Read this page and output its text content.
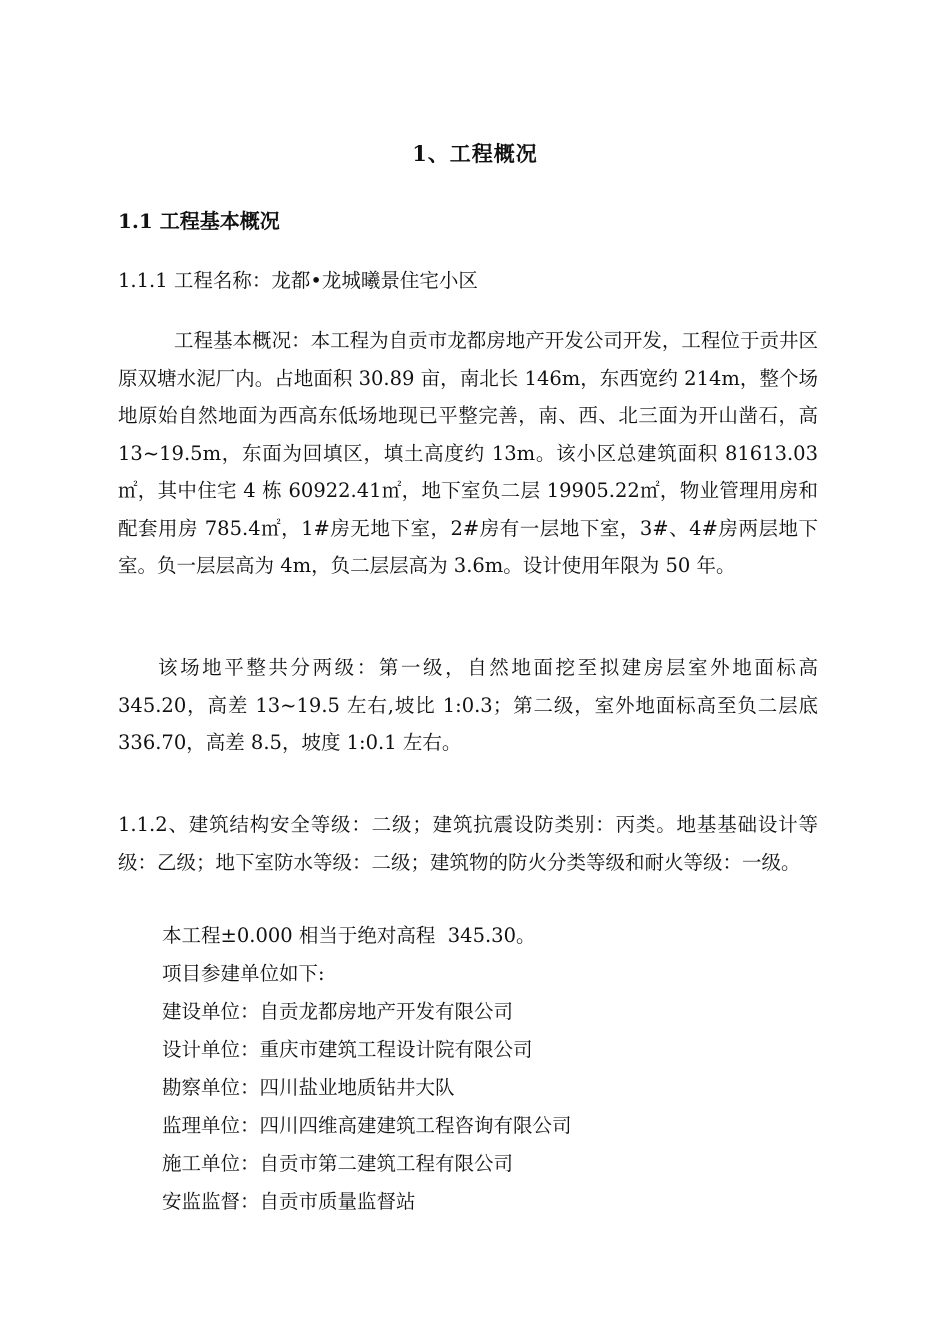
1、工程概况
1.1 工程基本概况
1.1.1 工程名称：龙都•龙城曦景住宅小区
工程基本概况：本工程为自贡市龙都房地产开发公司开发，工程位于贡井区原双塘水泥厂内。占地面积 30.89 亩，南北长 146m，东西宽约 214m，整个场地原始自然地面为西高东低场地现已平整完善，南、西、北三面为开山凿石，高 13~19.5m，东面为回填区，填土高度约 13m。该小区总建筑面积 81613.03㎡，其中住宅 4 栋 60922.41㎡，地下室负二层 19905.22㎡，物业管理用房和配套用房 785.4㎡，1#房无地下室，2#房有一层地下室，3#、4#房两层地下室。负一层层高为 4m，负二层层高为 3.6m。设计使用年限为 50 年。
该场地平整共分两级：第一级，自然地面挖至拟建房层室外地面标高 345.20，高差 13~19.5 左右,坡比 1:0.3；第二级，室外地面标高至负二层底 336.70，高差 8.5，坡度 1:0.1 左右。
1.1.2、建筑结构安全等级：二级；建筑抗震设防类别：丙类。地基基础设计等级：乙级；地下室防水等级：二级；建筑物的防火分类等级和耐火等级：一级。
本工程±0.000 相当于绝对高程  345.30。
项目参建单位如下:
建设单位：自贡龙都房地产开发有限公司
设计单位：重庆市建筑工程设计院有限公司
勘察单位：四川盐业地质钻井大队
监理单位：四川四维高建建筑工程咨询有限公司
施工单位：自贡市第二建筑工程有限公司
安监监督：自贡市质量监督站
